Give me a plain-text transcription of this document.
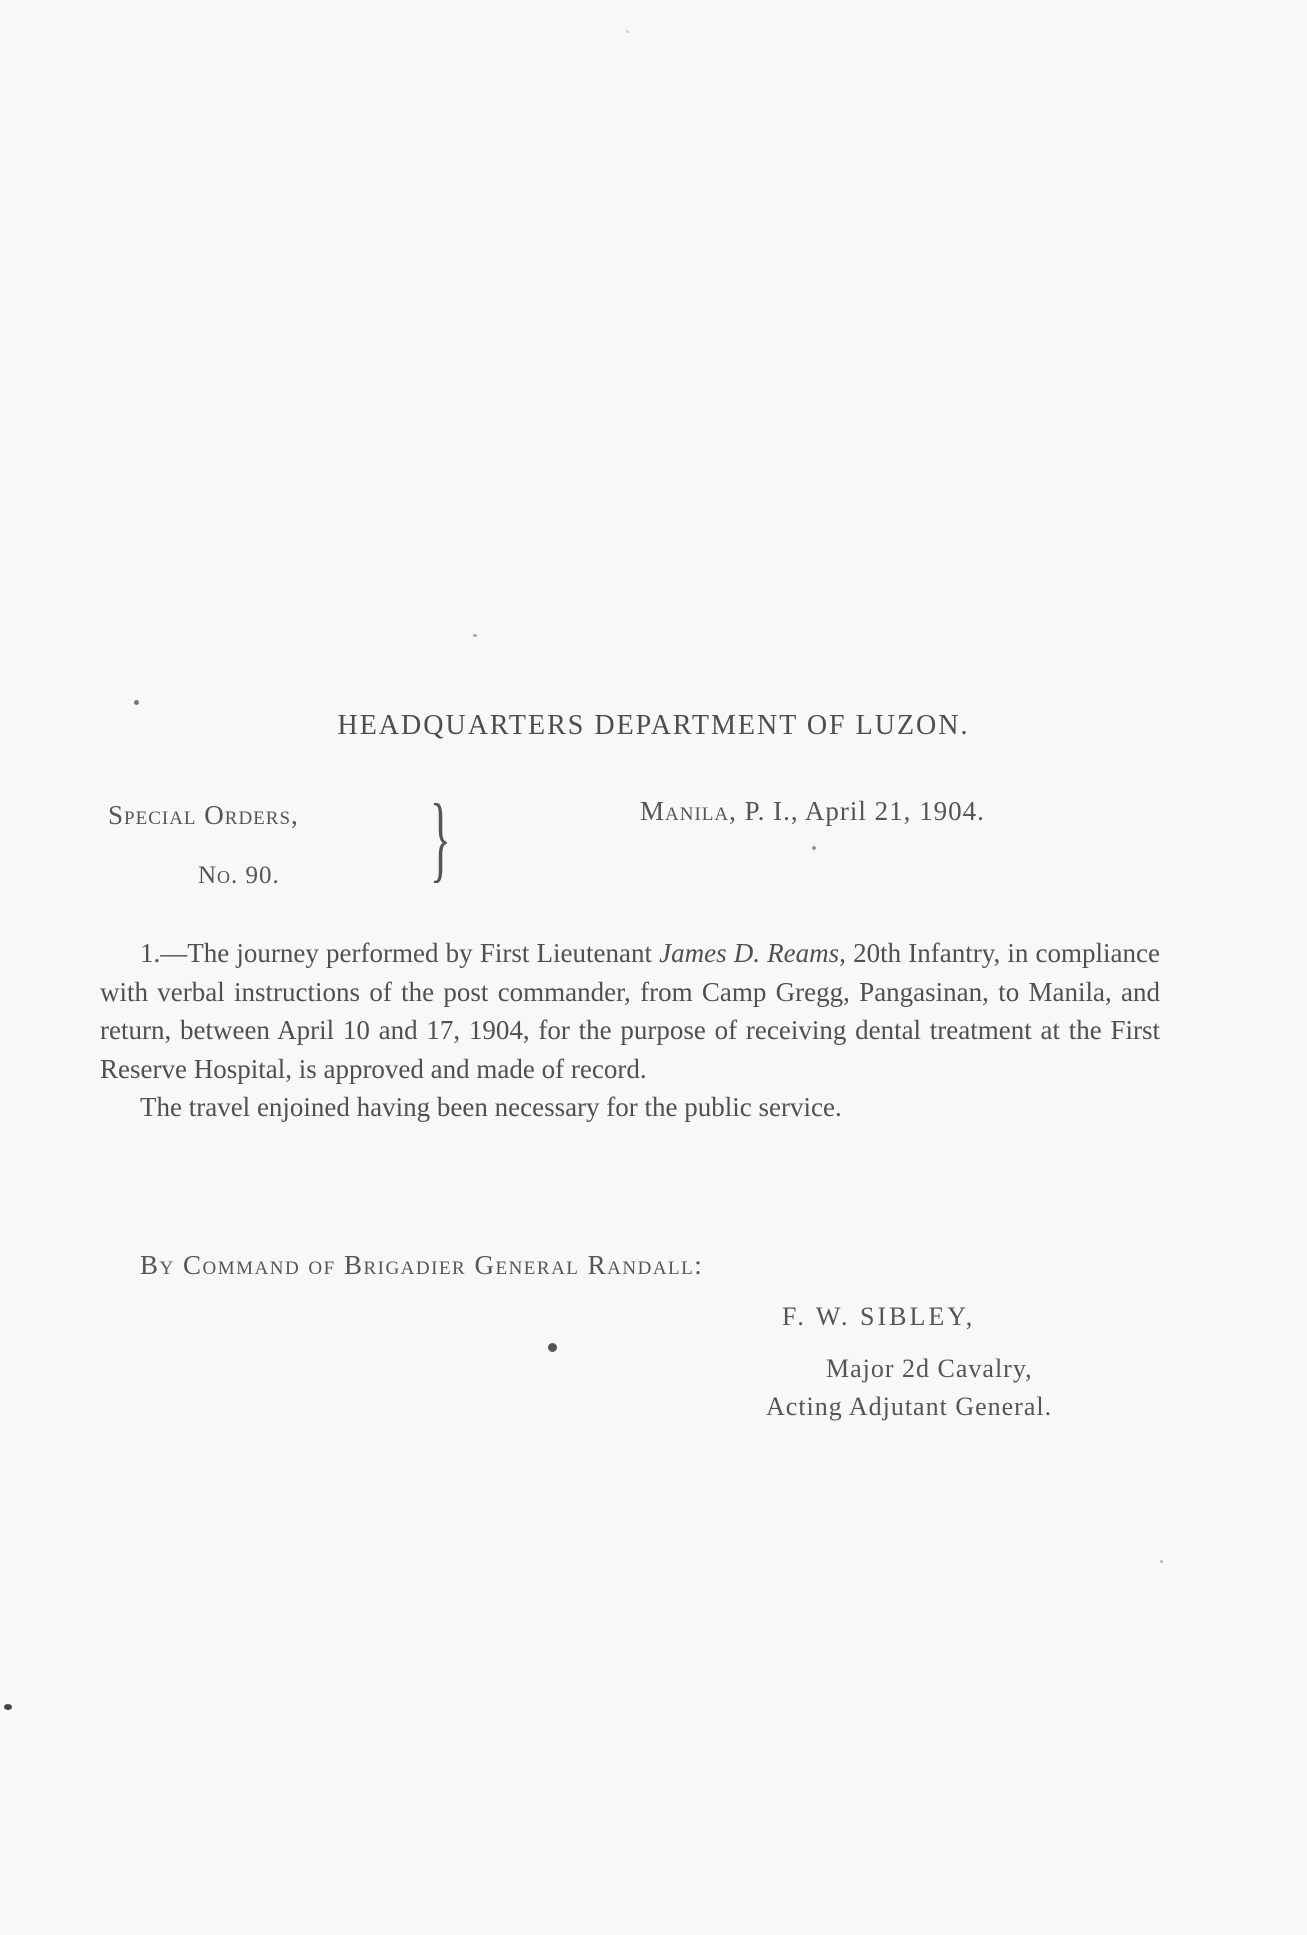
HEADQUARTERS DEPARTMENT OF LUZON.
Special Orders,
No. 90. }	Manila, P. I., April 21, 1904.

1.—The journey performed by First Lieutenant James D. Reams, 20th Infantry, in compliance with verbal instructions of the post commander, from Camp Gregg, Pangasinan, to Manila, and return, between April 10 and 17, 1904, for the purpose of receiving dental treatment at the First Reserve Hospital, is approved and made of record.

The travel enjoined having been necessary for the public service.

By Command of Brigadier General Randall:
F. W. SIBLEY,
Major 2d Cavalry,
Acting Adjutant General.
